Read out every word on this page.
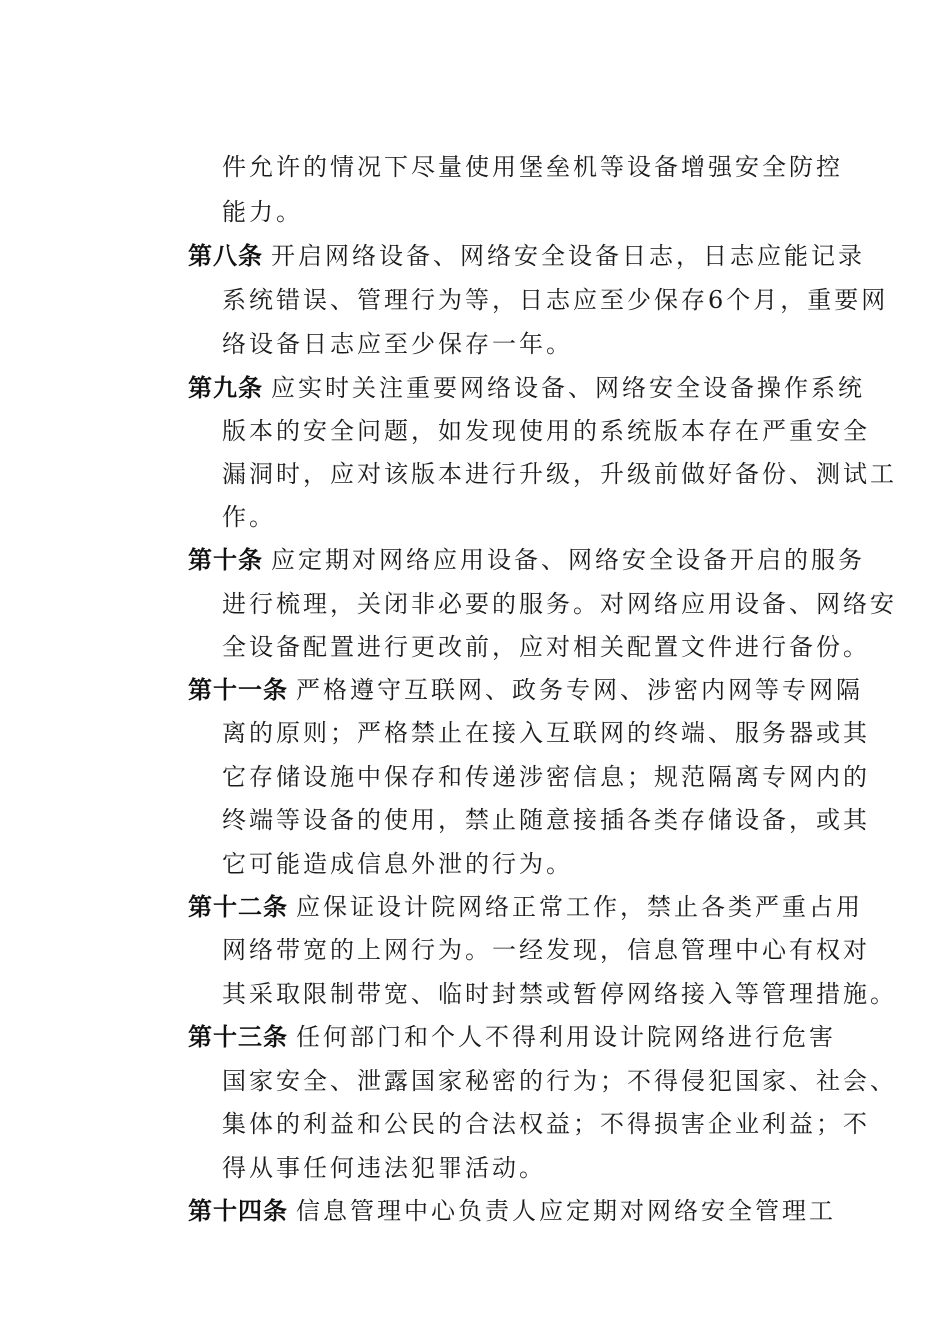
件允许的情况下尽量使用堡垒机等设备增强安全防控
能力。
第八条 开启网络设备、网络安全设备日志，日志应能记录
系统错误、管理行为等，日志应至少保存6个月，重要网
络设备日志应至少保存一年。
第九条 应实时关注重要网络设备、网络安全设备操作系统
版本的安全问题，如发现使用的系统版本存在严重安全
漏洞时，应对该版本进行升级，升级前做好备份、测试工
作。
第十条 应定期对网络应用设备、网络安全设备开启的服务
进行梳理，关闭非必要的服务。对网络应用设备、网络安
全设备配置进行更改前，应对相关配置文件进行备份。
第十一条 严格遵守互联网、政务专网、涉密内网等专网隔
离的原则；严格禁止在接入互联网的终端、服务器或其
它存储设施中保存和传递涉密信息；规范隔离专网内的
终端等设备的使用，禁止随意接插各类存储设备，或其
它可能造成信息外泄的行为。
第十二条 应保证设计院网络正常工作，禁止各类严重占用
网络带宽的上网行为。一经发现，信息管理中心有权对
其采取限制带宽、临时封禁或暂停网络接入等管理措施。
第十三条 任何部门和个人不得利用设计院网络进行危害
国家安全、泄露国家秘密的行为；不得侵犯国家、社会、
集体的利益和公民的合法权益；不得损害企业利益；不
得从事任何违法犯罪活动。
第十四条 信息管理中心负责人应定期对网络安全管理工
